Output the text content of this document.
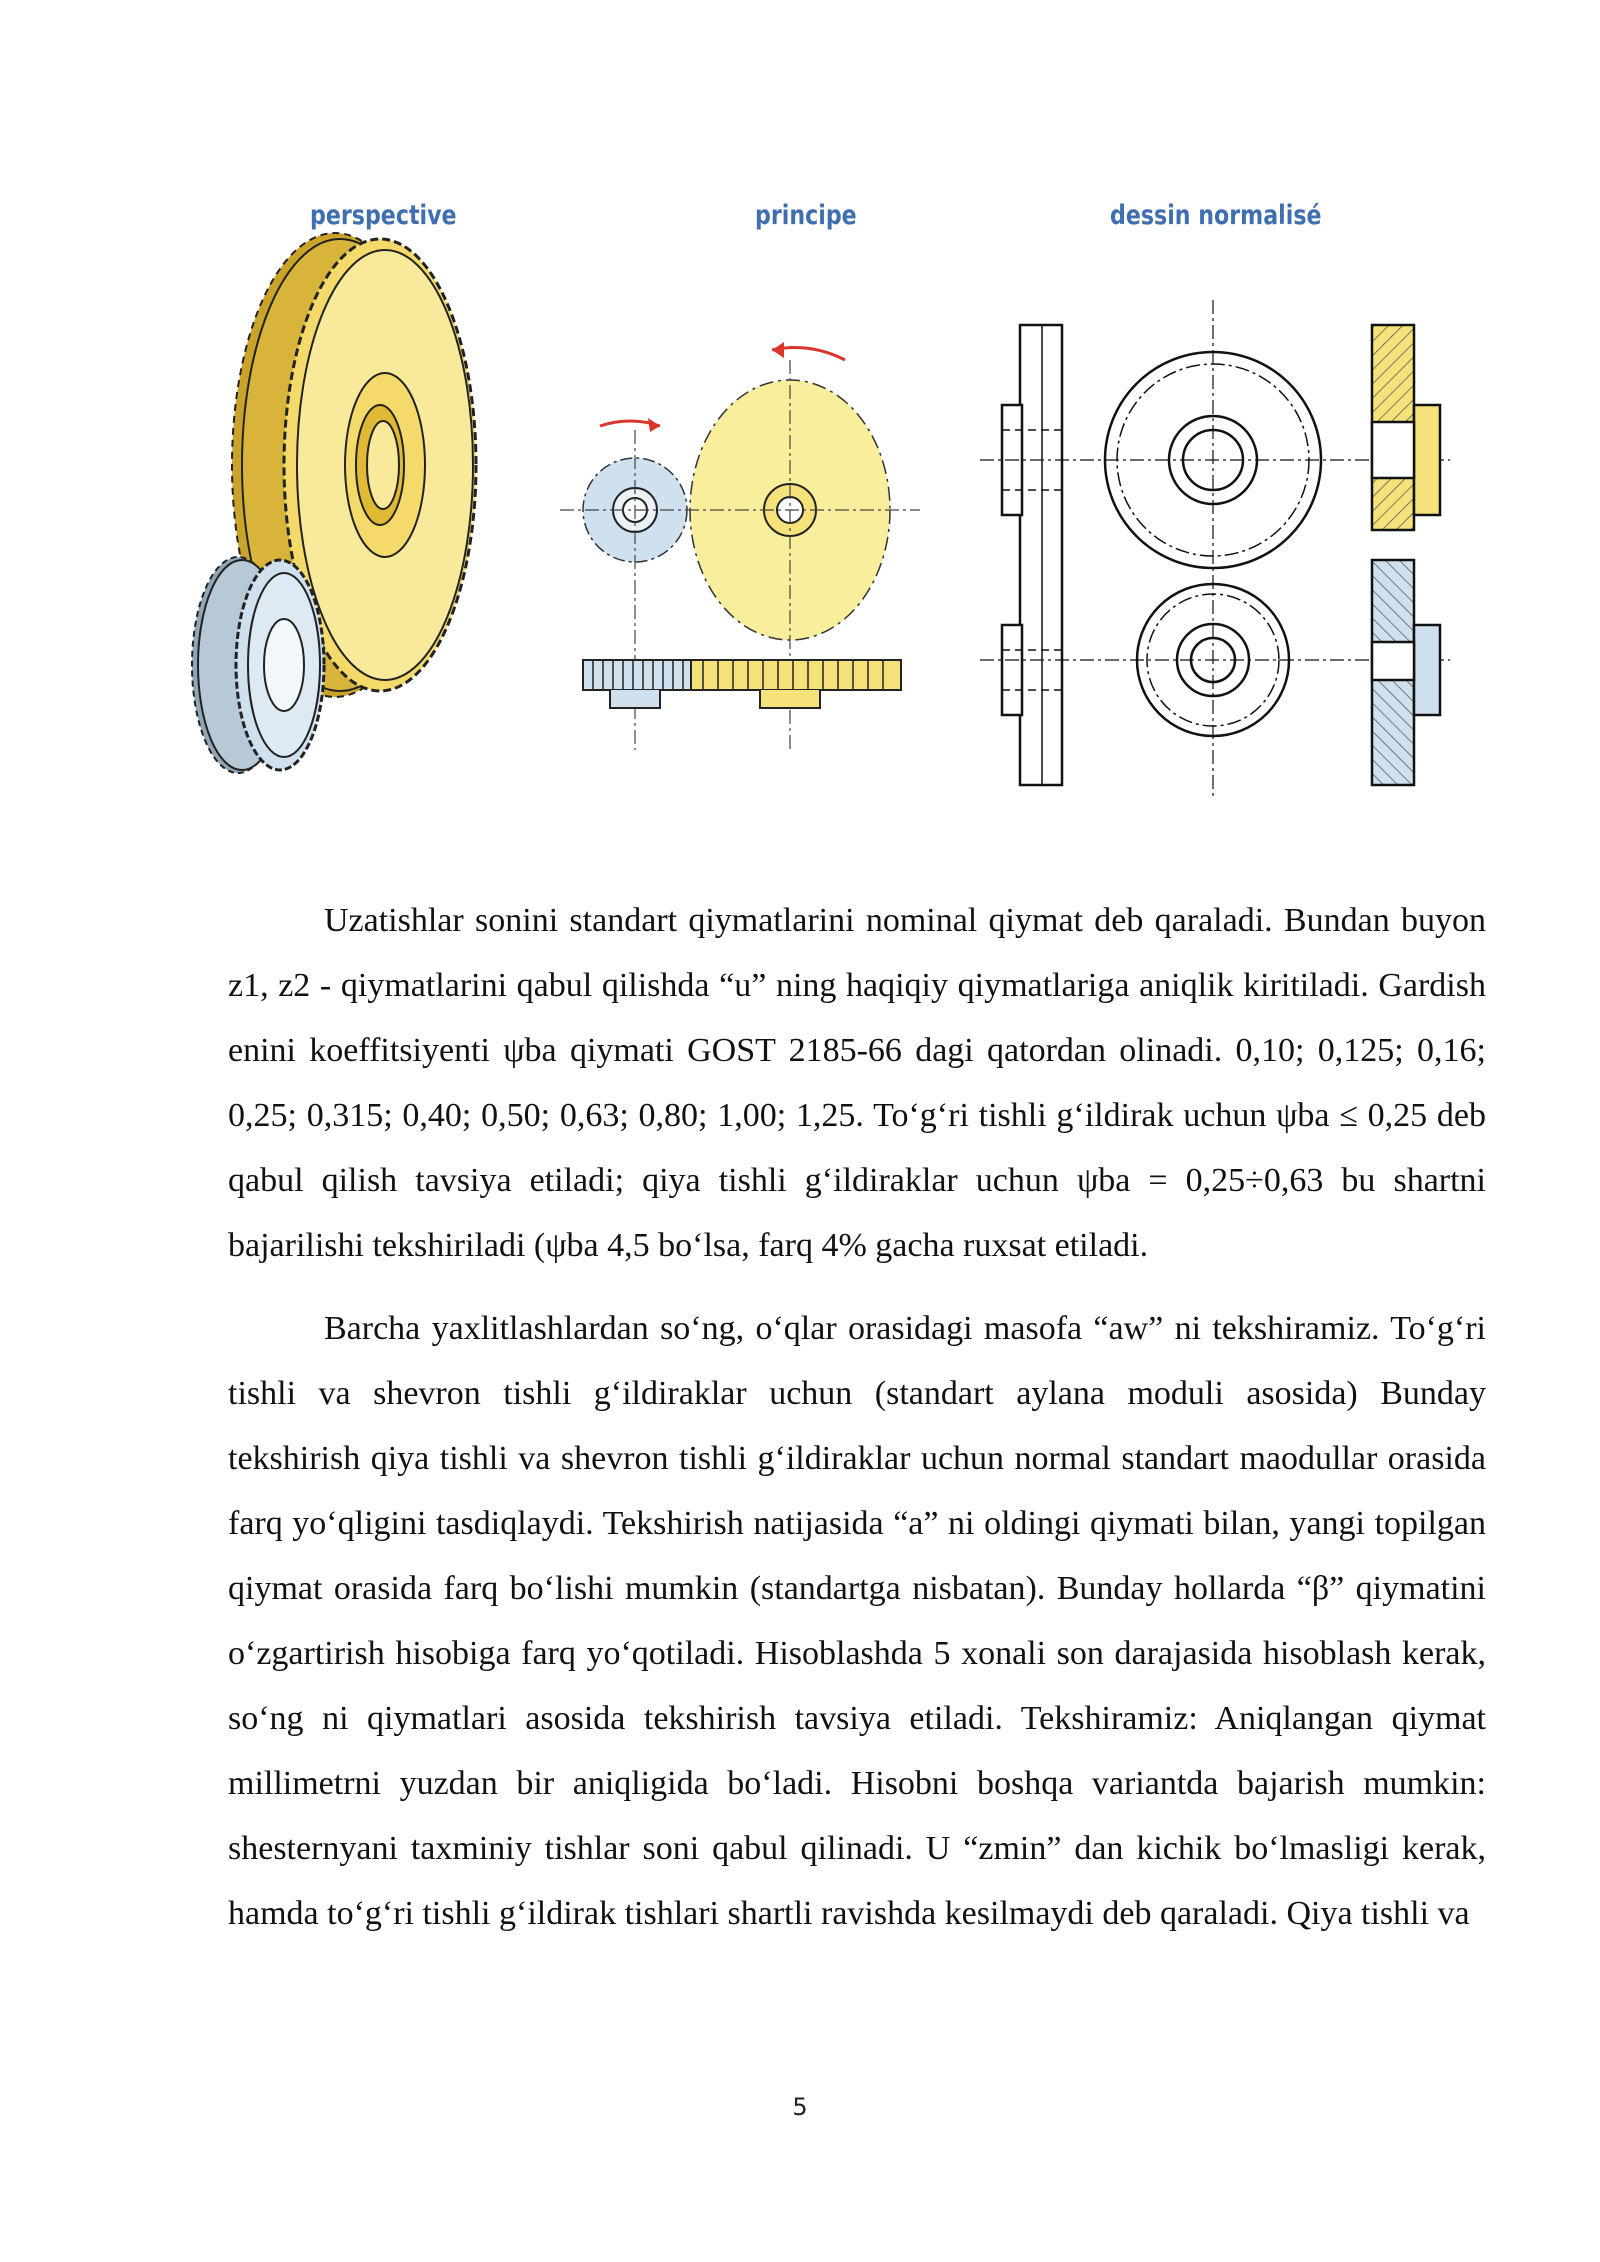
perspective	principe	dessin normalisé

Uzatishlar sonini standart qiymatlarini nominal qiymat deb qaraladi. Bundan buyon z1, z2 - qiymatlarini qabul qilishda “u” ning haqiqiy qiymatlariga aniqlik kiritiladi. Gardish enini koeffitsiyenti ψba qiymati GOST 2185-66 dagi qatordan olinadi. 0,10; 0,125; 0,16; 0,25; 0,315; 0,40; 0,50; 0,63; 0,80; 1,00; 1,25. To‘g‘ri tishli g‘ildirak uchun ψba ≤ 0,25 deb qabul qilish tavsiya etiladi; qiya tishli g‘ildiraklar uchun ψba = 0,25÷0,63 bu shartni bajarilishi tekshiriladi (ψba 4,5 bo‘lsa, farq 4% gacha ruxsat etiladi.

Barcha yaxlitlashlardan so‘ng, o‘qlar orasidagi masofa “aw” ni tekshiramiz. To‘g‘ri tishli va shevron tishli g‘ildiraklar uchun (standart aylana moduli asosida) Bunday tekshirish qiya tishli va shevron tishli g‘ildiraklar uchun normal standart maodullar orasida farq yo‘qligini tasdiqlaydi. Tekshirish natijasida “a” ni oldingi qiymati bilan, yangi topilgan qiymat orasida farq bo‘lishi mumkin (standartga nisbatan). Bunday hollarda “β” qiymatini o‘zgartirish hisobiga farq yo‘qotiladi. Hisoblashda 5 xonali son darajasida hisoblash kerak, so‘ng ni qiymatlari asosida tekshirish tavsiya etiladi. Tekshiramiz: Aniqlangan qiymat millimetrni yuzdan bir aniqligida bo‘ladi. Hisobni boshqa variantda bajarish mumkin: shesternyani taxminiy tishlar soni qabul qilinadi. U “zmin” dan kichik bo‘lmasligi kerak, hamda to‘g‘ri tishli g‘ildirak tishlari shartli ravishda kesilmaydi deb qaraladi. Qiya tishli va

5
